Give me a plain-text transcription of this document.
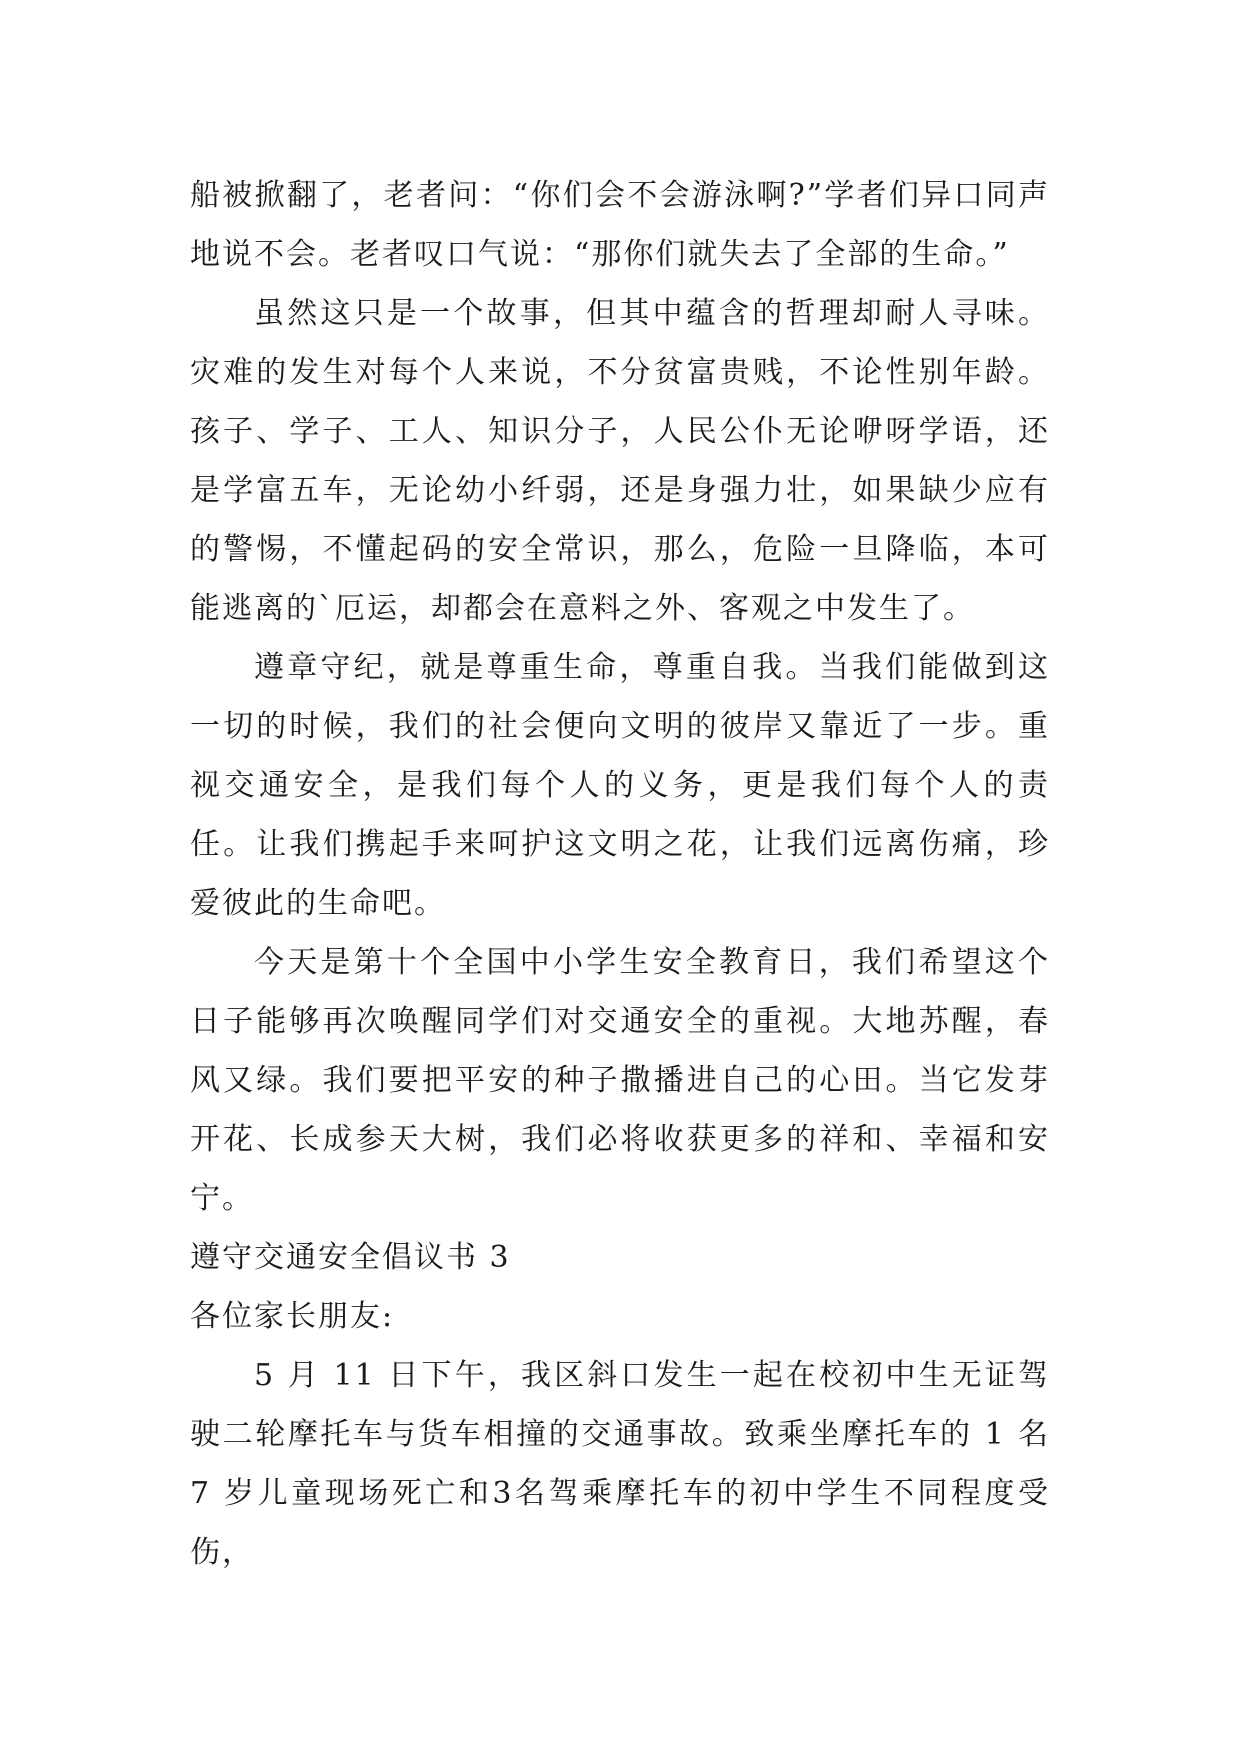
船被掀翻了，老者问：“你们会不会游泳啊?”学者们异口同声地说不会。老者叹口气说：“那你们就失去了全部的生命。”

虽然这只是一个故事，但其中蕴含的哲理却耐人寻味。灾难的发生对每个人来说，不分贫富贵贱，不论性别年龄。孩子、学子、工人、知识分子，人民公仆无论咿呀学语，还是学富五车，无论幼小纤弱，还是身强力壮，如果缺少应有的警惕，不懂起码的安全常识，那么，危险一旦降临，本可能逃离的`厄运，却都会在意料之外、客观之中发生了。

遵章守纪，就是尊重生命，尊重自我。当我们能做到这一切的时候，我们的社会便向文明的彼岸又靠近了一步。重视交通安全，是我们每个人的义务，更是我们每个人的责任。让我们携起手来呵护这文明之花，让我们远离伤痛，珍爱彼此的生命吧。

今天是第十个全国中小学生安全教育日，我们希望这个日子能够再次唤醒同学们对交通安全的重视。大地苏醒，春风又绿。我们要把平安的种子撒播进自己的心田。当它发芽开花、长成参天大树，我们必将收获更多的祥和、幸福和安宁。

遵守交通安全倡议书 3

各位家长朋友:

5 月 11 日下午，我区斜口发生一起在校初中生无证驾驶二轮摩托车与货车相撞的交通事故。致乘坐摩托车的 1 名 7 岁儿童现场死亡和3名驾乘摩托车的初中学生不同程度受伤，
